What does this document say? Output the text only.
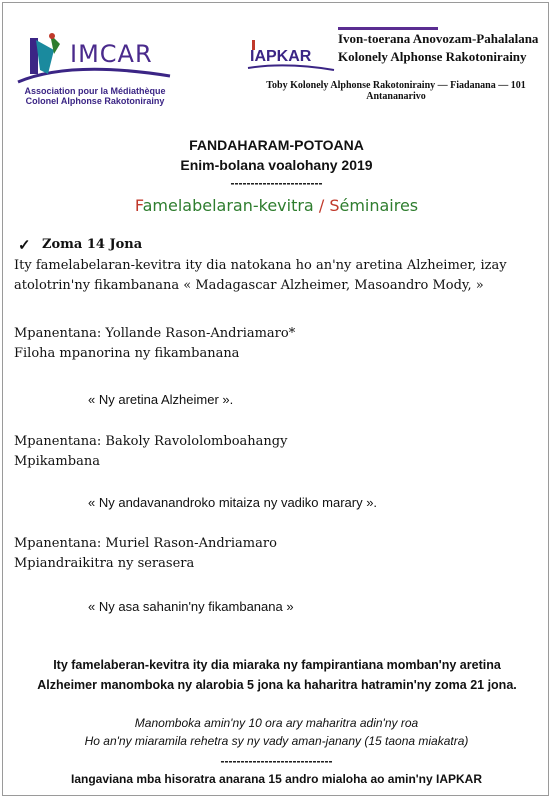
IMCAR
Association pour la Médiathèque
Colonel Alphonse Rakotonirainy
IAPKAR
Ivon-toerana Anovozam-Pahalalana
Kolonely Alphonse Rakotonirainy
Toby Kolonely Alphonse Rakotonirainy — Fiadanana — 101 Antananarivo
FANDAHARAM-POTOANA
Enim-bolana voalohany 2019
-----------------------
Famelabelaran-kevitra / Séminaires
✓ Zoma 14 Jona
Ity famelabelaran-kevitra ity dia natokana ho an'ny aretina Alzheimer, izay
atolotrin'ny fikambanana « Madagascar Alzheimer, Masoandro Mody, »
Mpanentana: Yollande Rason-Andriamaro*
Filoha mpanorina ny fikambanana
« Ny aretina Alzheimer ».
Mpanentana: Bakoly Ravololomboahangy
Mpikambana
« Ny andavanandroko mitaiza ny vadiko marary ».
Mpanentana: Muriel Rason-Andriamaro
Mpiandraikitra ny serasera
« Ny asa sahanin'ny fikambanana »
Ity famelaberan-kevitra ity dia miaraka ny fampirantiana momban'ny aretina
Alzheimer manomboka ny alarobia 5 jona ka haharitra hatramin'ny zoma 21 jona.
Manomboka amin'ny 10 ora ary maharitra adin'ny roa
Ho an'ny miaramila rehetra sy ny vady aman-janany (15 taona miakatra)
----------------------------
Iangaviana mba hisoratra anarana 15 andro mialoha ao amin'ny IAPKAR
